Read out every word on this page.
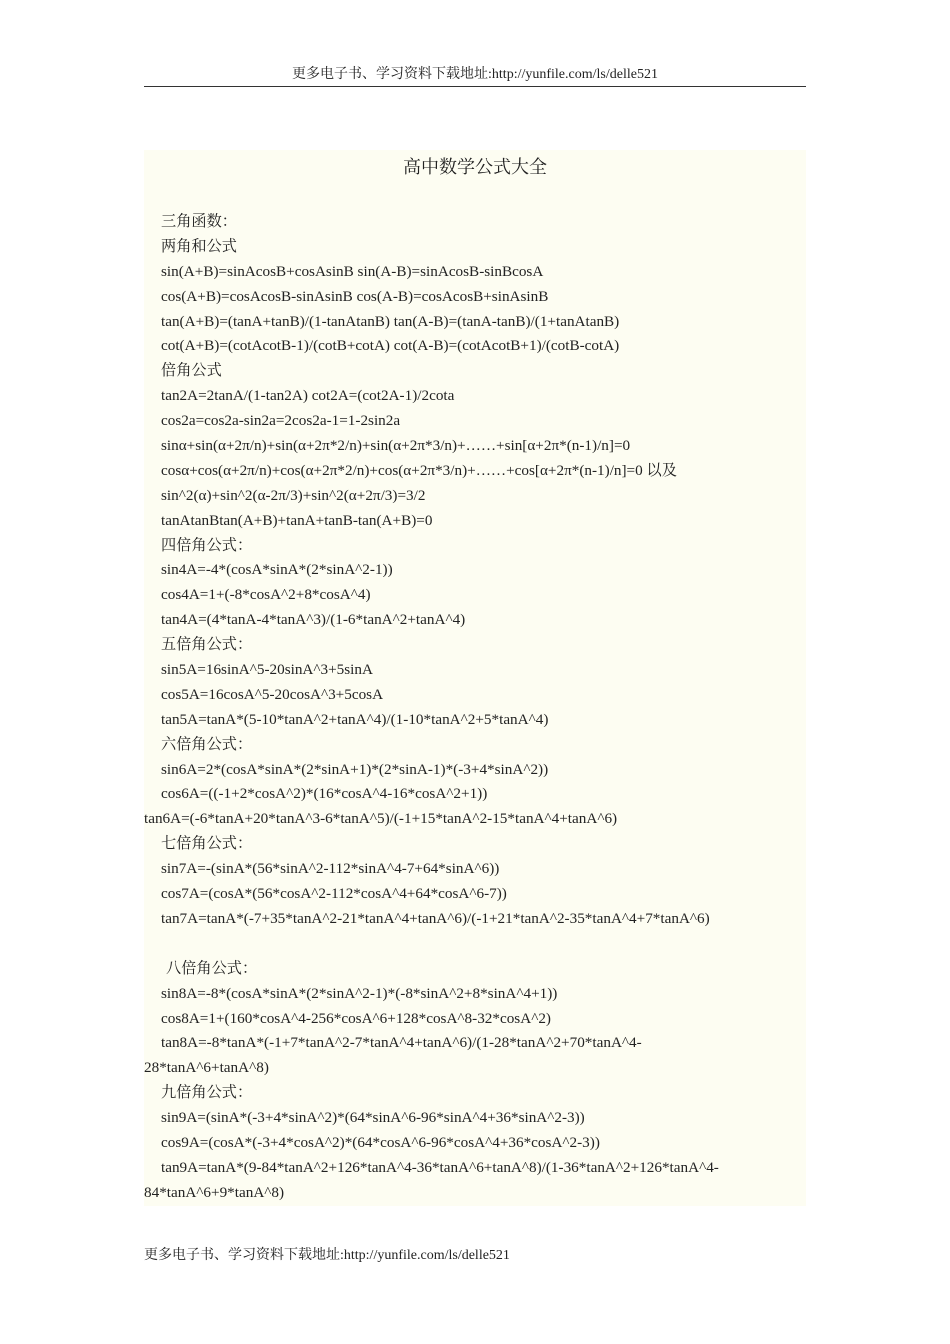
更多电子书、学习资料下载地址:http://yunfile.com/ls/delle521
高中数学公式大全
三角函数：
两角和公式
sin(A+B)=sinAcosB+cosAsinB sin(A-B)=sinAcosB-sinBcosA
cos(A+B)=cosAcosB-sinAsinB cos(A-B)=cosAcosB+sinAsinB
tan(A+B)=(tanA+tanB)/(1-tanAtanB) tan(A-B)=(tanA-tanB)/(1+tanAtanB)
cot(A+B)=(cotAcotB-1)/(cotB+cotA) cot(A-B)=(cotAcotB+1)/(cotB-cotA)
倍角公式
tan2A=2tanA/(1-tan2A) cot2A=(cot2A-1)/2cota
cos2a=cos2a-sin2a=2cos2a-1=1-2sin2a
sinα+sin(α+2π/n)+sin(α+2π*2/n)+sin(α+2π*3/n)+……+sin[α+2π*(n-1)/n]=0
cosα+cos(α+2π/n)+cos(α+2π*2/n)+cos(α+2π*3/n)+……+cos[α+2π*(n-1)/n]=0 以及
sin^2(α)+sin^2(α-2π/3)+sin^2(α+2π/3)=3/2
tanAtanBtan(A+B)+tanA+tanB-tan(A+B)=0
四倍角公式：
sin4A=-4*(cosA*sinA*(2*sinA^2-1))
cos4A=1+(-8*cosA^2+8*cosA^4)
tan4A=(4*tanA-4*tanA^3)/(1-6*tanA^2+tanA^4)
五倍角公式：
sin5A=16sinA^5-20sinA^3+5sinA
cos5A=16cosA^5-20cosA^3+5cosA
tan5A=tanA*(5-10*tanA^2+tanA^4)/(1-10*tanA^2+5*tanA^4)
六倍角公式：
sin6A=2*(cosA*sinA*(2*sinA+1)*(2*sinA-1)*(-3+4*sinA^2))
cos6A=((-1+2*cosA^2)*(16*cosA^4-16*cosA^2+1))
tan6A=(-6*tanA+20*tanA^3-6*tanA^5)/(-1+15*tanA^2-15*tanA^4+tanA^6)
七倍角公式：
sin7A=-(sinA*(56*sinA^2-112*sinA^4-7+64*sinA^6))
cos7A=(cosA*(56*cosA^2-112*cosA^4+64*cosA^6-7))
tan7A=tanA*(-7+35*tanA^2-21*tanA^4+tanA^6)/(-1+21*tanA^2-35*tanA^4+7*tanA^6)
八倍角公式：
sin8A=-8*(cosA*sinA*(2*sinA^2-1)*(-8*sinA^2+8*sinA^4+1))
cos8A=1+(160*cosA^4-256*cosA^6+128*cosA^8-32*cosA^2)
tan8A=-8*tanA*(-1+7*tanA^2-7*tanA^4+tanA^6)/(1-28*tanA^2+70*tanA^4-
28*tanA^6+tanA^8)
九倍角公式：
sin9A=(sinA*(-3+4*sinA^2)*(64*sinA^6-96*sinA^4+36*sinA^2-3))
cos9A=(cosA*(-3+4*cosA^2)*(64*cosA^6-96*cosA^4+36*cosA^2-3))
tan9A=tanA*(9-84*tanA^2+126*tanA^4-36*tanA^6+tanA^8)/(1-36*tanA^2+126*tanA^4-
84*tanA^6+9*tanA^8)
更多电子书、学习资料下载地址:http://yunfile.com/ls/delle521
